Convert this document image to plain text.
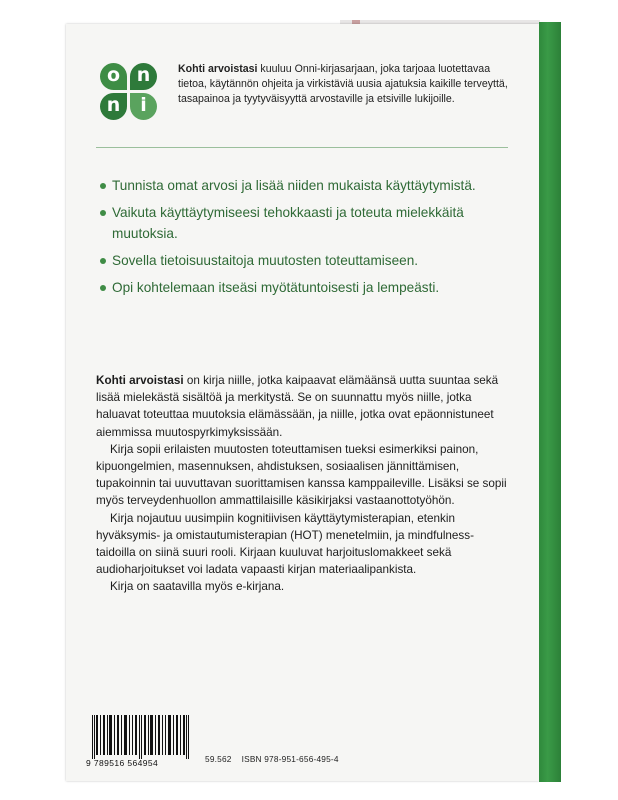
o n
n	i
Kohti arvoistasi kuuluu Onni-kirjasarjaan, joka tarjoaa luotettavaa tietoa, käytännön ohjeita ja virkistäviä uusia ajatuksia kaikille terveyttä, tasapainoa ja tyytyväisyyttä arvostaville ja etsiville lukijoille.
Tunnista omat arvosi ja lisää niiden mukaista käyttäytymistä.
Vaikuta käyttäytymiseesi tehokkaasti ja toteuta mielekkäitä muutoksia.
Sovella tietoisuustaitoja muutosten toteuttamiseen.
Opi kohtelemaan itseäsi myötätuntoisesti ja lempeästi.

Kohti arvoistasi on kirja niille, jotka kaipaavat elämäänsä uutta suuntaa sekä lisää mielekästä sisältöä ja merkitystä. Se on suunnattu myös niille, jotka haluavat toteuttaa muutoksia elämässään, ja niille, jotka ovat epäonnistuneet aiemmissa muutospyrkimyksissään.

Kirja sopii erilaisten muutosten toteuttamisen tueksi esimerkiksi painon, kipuongelmien, masennuksen, ahdistuksen, sosiaalisen jännittämisen, tupakoinnin tai uuvuttavan suorittamisen kanssa kamppaileville. Lisäksi se sopii myös terveydenhuollon ammattilaisille käsikirjaksi vastaanottotyöhön.

Kirja nojautuu uusimpiin kognitiivisen käyttäytymisterapian, etenkin hyväksymis- ja omistautumisterapian (HOT) menetelmiin, ja mindfulness-taidoilla on siinä suuri rooli. Kirjaan kuuluvat harjoituslomakkeet sekä audioharjoitukset voi ladata vapaasti kirjan materiaalipankista.

Kirja on saatavilla myös e-kirjana.

9 789516 564954	59.562 ISBN 978-951-656-495-4
